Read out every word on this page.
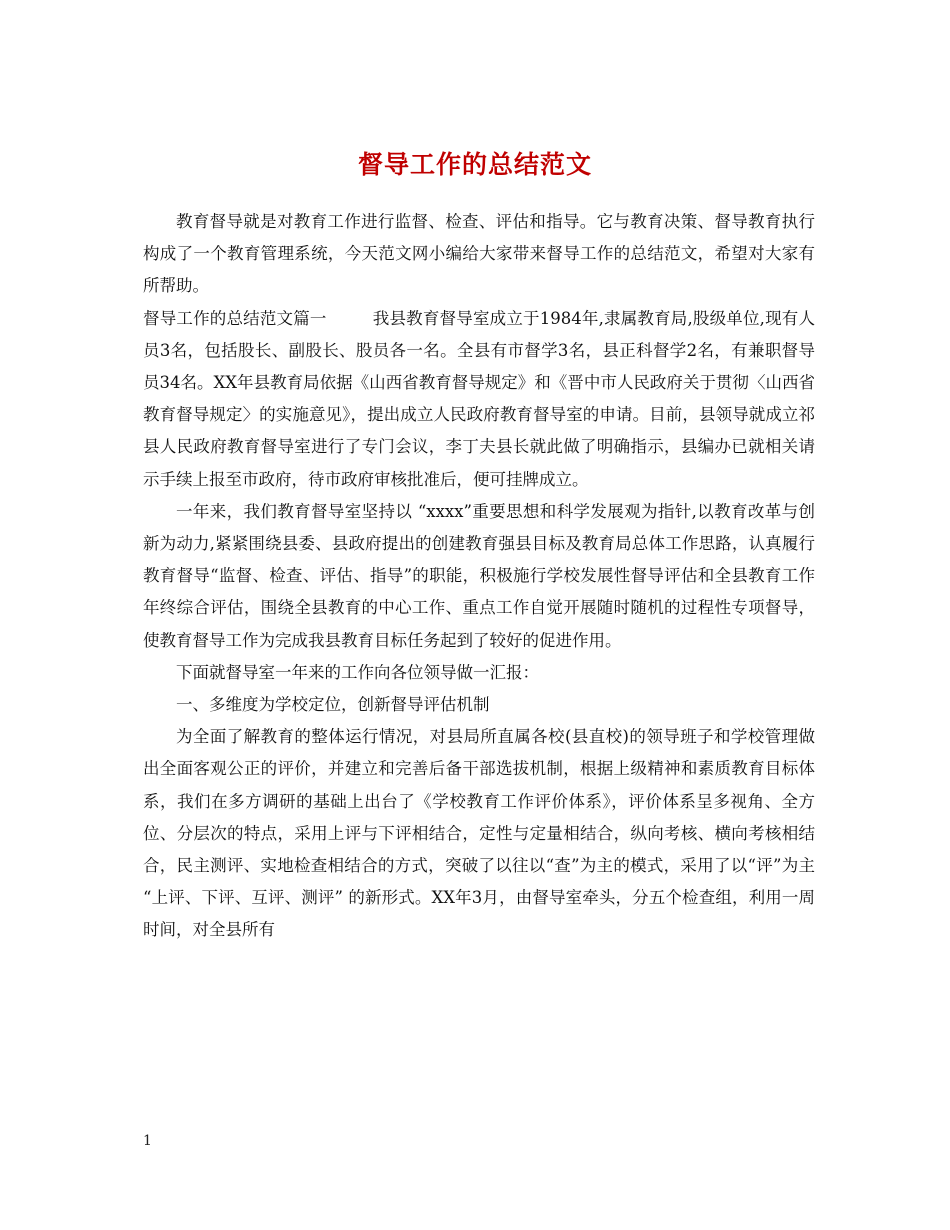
督导工作的总结范文

教育督导就是对教育工作进行监督、检查、评估和指导。它与教育决策、督导教育执行构成了一个教育管理系统，今天范文网小编给大家带来督导工作的总结范文，希望对大家有所帮助。

督导工作的总结范文篇一	我县教育督导室成立于1984年,隶属教育局,股级单位,现有人员3名，包括股长、副股长、股员各一名。全县有市督学3名，县正科督学2名，有兼职督导员34名。XX年县教育局依据《山西省教育督导规定》和《晋中市人民政府关于贯彻〈山西省教育督导规定〉的实施意见》，提出成立人民政府教育督导室的申请。目前，县领导就成立祁县人民政府教育督导室进行了专门会议，李丁夫县长就此做了明确指示，县编办已就相关请示手续上报至市政府，待市政府审核批准后，便可挂牌成立。

一年来，我们教育督导室坚持以 “xxxx”重要思想和科学发展观为指针,以教育改革与创新为动力,紧紧围绕县委、县政府提出的创建教育强县目标及教育局总体工作思路，认真履行教育督导“监督、检查、评估、指导”的职能，积极施行学校发展性督导评估和全县教育工作年终综合评估，围绕全县教育的中心工作、重点工作自觉开展随时随机的过程性专项督导，使教育督导工作为完成我县教育目标任务起到了较好的促进作用。

下面就督导室一年来的工作向各位领导做一汇报：

一、多维度为学校定位，创新督导评估机制

为全面了解教育的整体运行情况，对县局所直属各校(县直校)的领导班子和学校管理做出全面客观公正的评价，并建立和完善后备干部选拔机制，根据上级精神和素质教育目标体系，我们在多方调研的基础上出台了《学校教育工作评价体系》，评价体系呈多视角、全方位、分层次的特点，采用上评与下评相结合，定性与定量相结合，纵向考核、横向考核相结合，民主测评、实地检查相结合的方式，突破了以往以“查”为主的模式，采用了以“评”为主 “上评、下评、互评、测评” 的新形式。XX年3月，由督导室牵头，分五个检查组，利用一周时间，对全县所有

1
